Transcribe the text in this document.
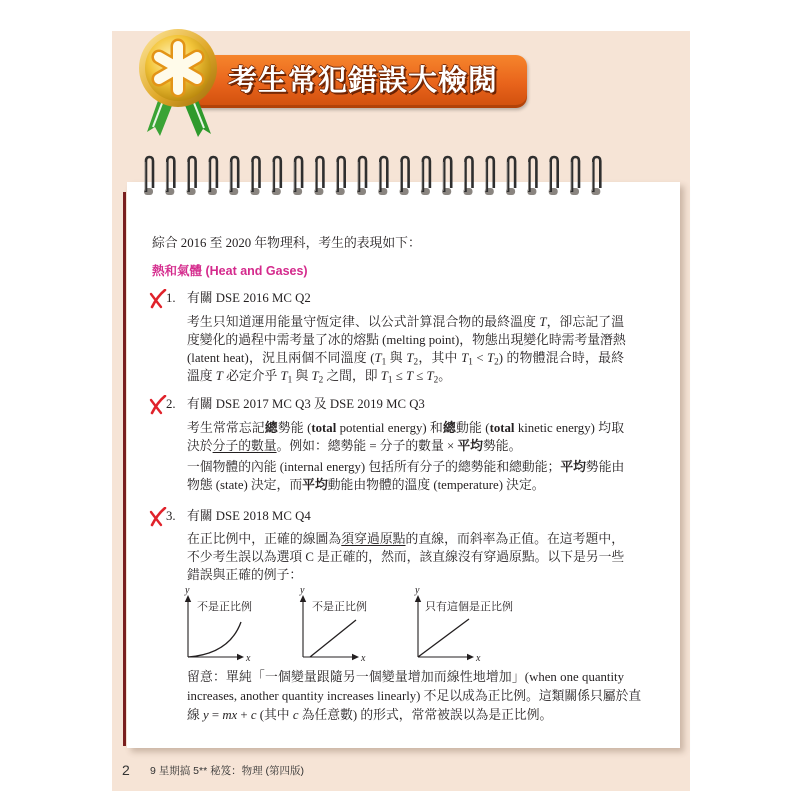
考生常犯錯誤大檢閱

綜合 2016 至 2020 年物理科，考生的表現如下：

熱和氣體 (Heat and Gases)

1. 有關 DSE 2016 MC Q2
考生只知道運用能量守恆定律、以公式計算混合物的最終溫度 T，卻忘記了溫
度變化的過程中需考量了冰的熔點 (melting point)，物態出現變化時需考量潛熱
(latent heat)，況且兩個不同溫度 (T1 與 T2，其中 T1 < T2) 的物體混合時，最終
溫度 T 必定介乎 T1 與 T2 之間，即 T1 ≤ T ≤ T2。
2. 有關 DSE 2017 MC Q3 及 DSE 2019 MC Q3
考生常常忘記總勢能 (total potential energy) 和總動能 (total kinetic energy) 均取
決於分子的數量。例如：總勢能 = 分子的數量 × 平均勢能。
一個物體的內能 (internal energy) 包括所有分子的總勢能和總動能；平均勢能由
物態 (state) 決定，而平均動能由物體的溫度 (temperature) 決定。
3. 有關 DSE 2018 MC Q4
在正比例中，正確的線圖為須穿過原點的直線，而斜率為正值。在這考題中，
不少考生誤以為選項 C 是正確的，然而，該直線沒有穿過原點。以下是另一些
錯誤與正確的例子：
y
x
不是正比例
y
x
不是正比例
y
x
只有這個是正比例
留意：單純「一個變量跟隨另一個變量增加而線性地增加」(when one quantity
increases, another quantity increases linearly) 不足以成為正比例。這類關係只屬於直
線 y = mx + c (其中 c 為任意數) 的形式，常常被誤以為是正比例。
2 9 星期搞 5** 秘笈：物理 (第四版)
